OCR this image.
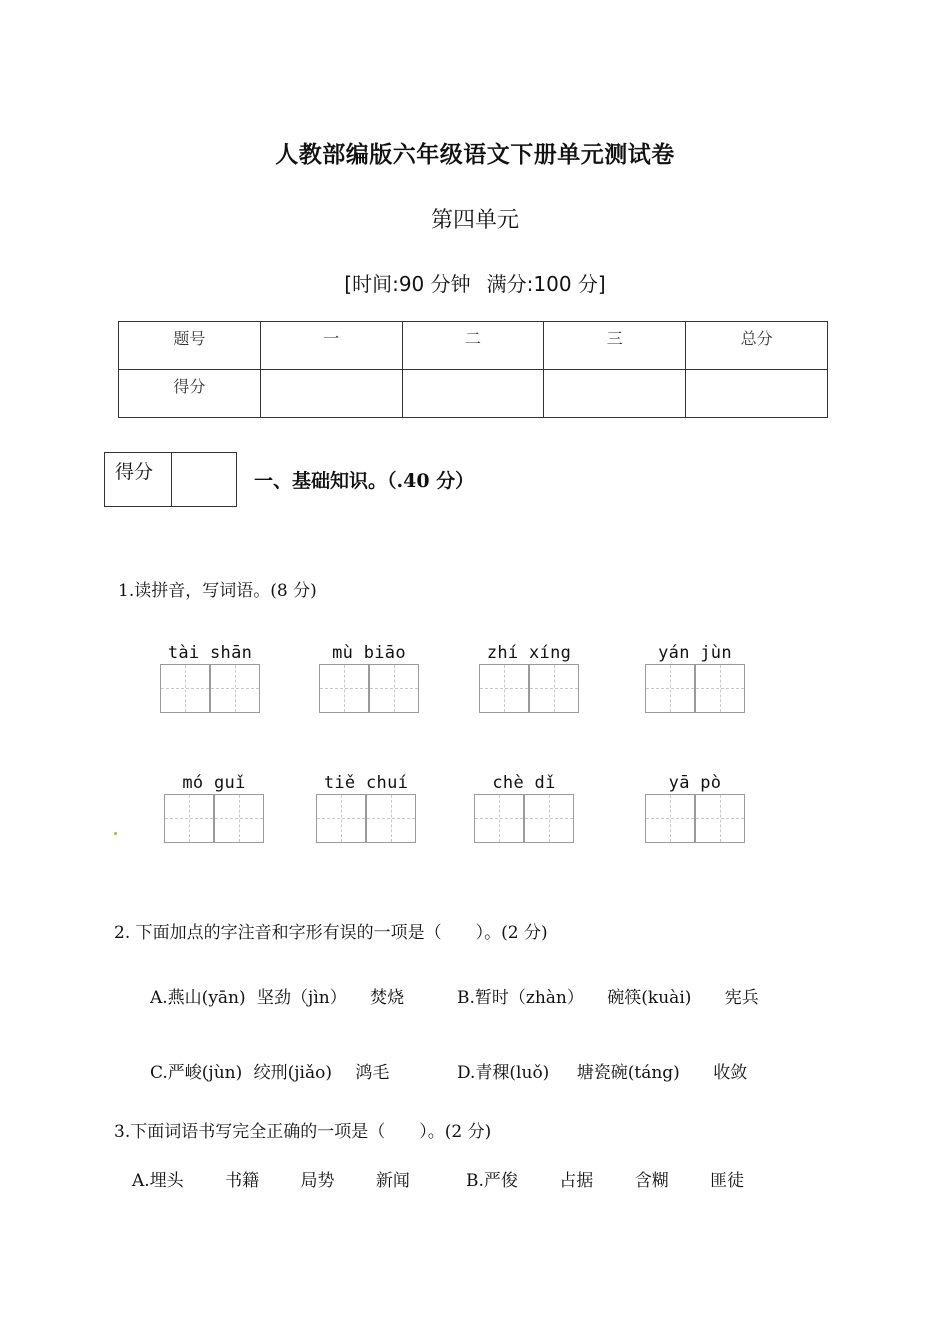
人教部编版六年级语文下册单元测试卷
第四单元
[时间:90 分钟 满分:100 分]
题号	一	二	三	总分
得分				
得分	一、基础知识。（.40 分）
1.读拼音，写词语。(8 分)
tài shān	mù biāo	zhí xíng	yán jùn
mó guǐ	tiě chuí	chè dǐ	yā pò
2. 下面加点的字注音和字形有误的一项是（　　）。(2 分)
A.燕山(yān) 坚劲（jìn） 焚烧	B.暂时（zhàn） 碗筷(kuài) 宪兵
C.严峻(jùn) 绞刑(jiǎo) 鸿毛	D.青稞(luǒ) 塘瓷碗(táng) 收敛
3.下面词语书写完全正确的一项是（　　）。(2 分)
A.埋头 书籍 局势 新闻	B.严俊 占据 含糊 匪徒
